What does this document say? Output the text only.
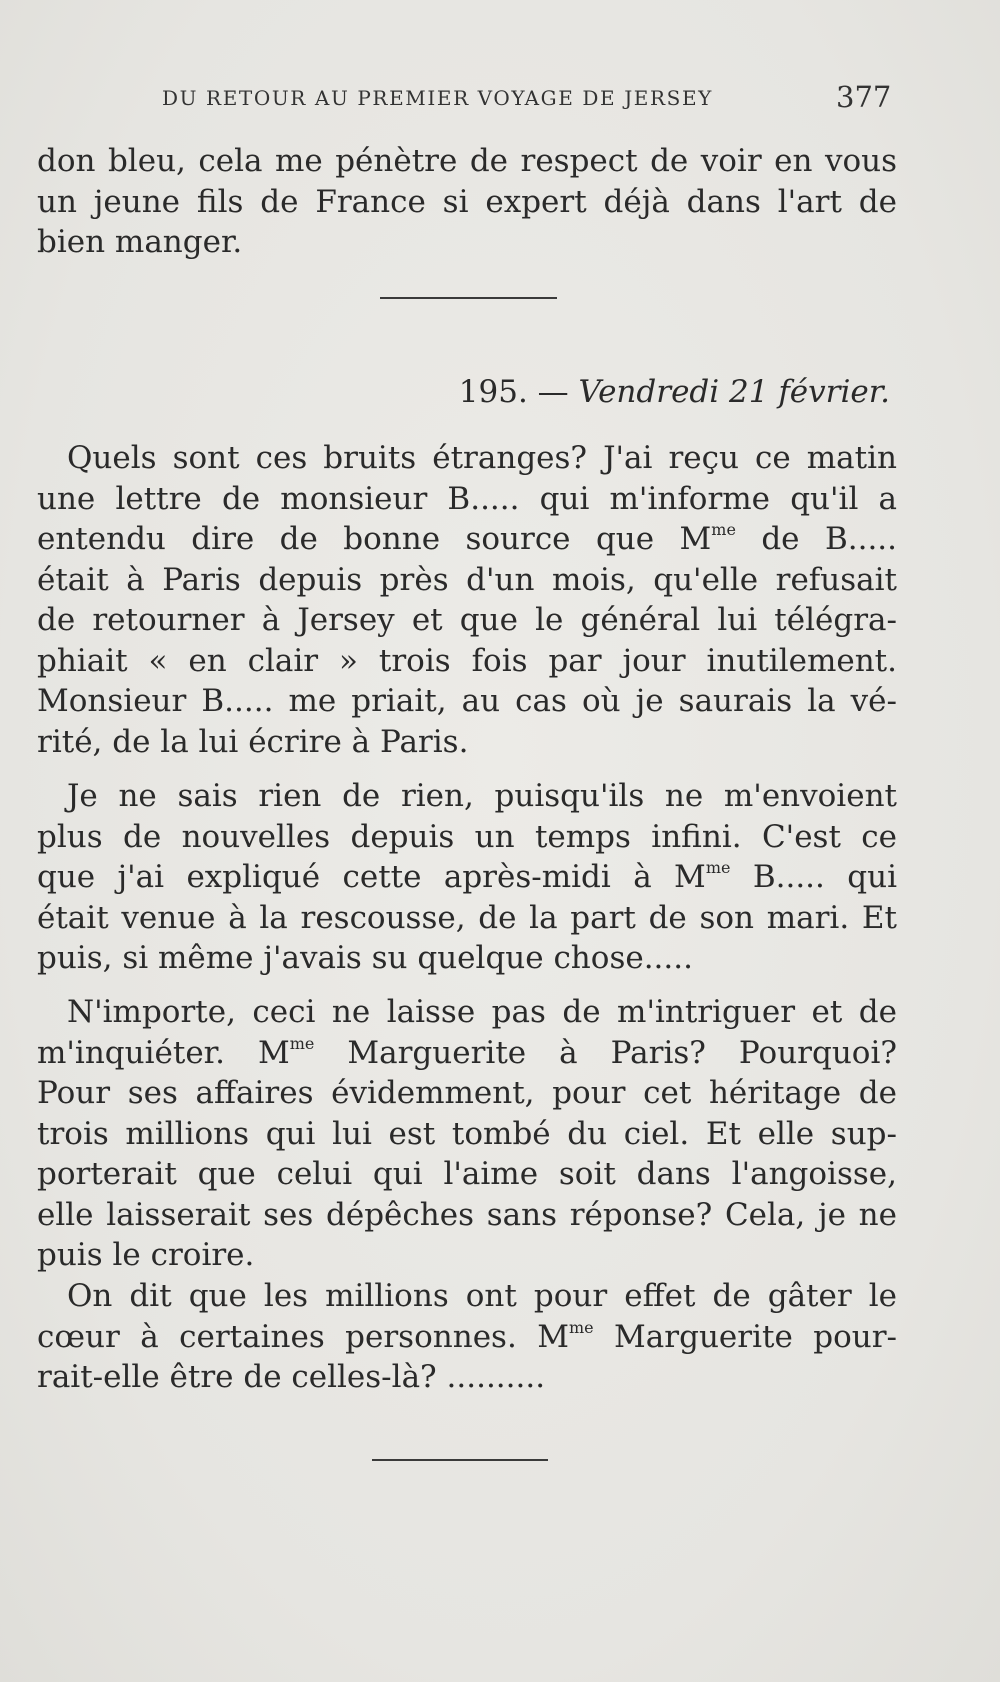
DU RETOUR AU PREMIER VOYAGE DE JERSEY	377
don bleu, cela me pénètre de respect de voir en vous
un jeune fils de France si expert déjà dans l'art de
bien manger.
195. — Vendredi 21 février.
Quels sont ces bruits étranges? J'ai reçu ce matin
une lettre de monsieur B..... qui m'informe qu'il a
entendu dire de bonne source que $M^{me}$ de B.....
était à Paris depuis près d'un mois, qu'elle refusait
de retourner à Jersey et que le général lui télégra-
phiait « en clair » trois fois par jour inutilement.
Monsieur B..... me priait, au cas où je saurais la vé-
rité, de la lui écrire à Paris.
Je ne sais rien de rien, puisqu'ils ne m'envoient
plus de nouvelles depuis un temps infini. C'est ce
que j'ai expliqué cette après-midi à $M^{me}$ B..... qui
était venue à la rescousse, de la part de son mari. Et
puis, si même j'avais su quelque chose.....
N'importe, ceci ne laisse pas de m'intriguer et de
m'inquiéter. $M^{me}$ Marguerite à Paris? Pourquoi?
Pour ses affaires évidemment, pour cet héritage de
trois millions qui lui est tombé du ciel. Et elle sup-
porterait que celui qui l'aime soit dans l'angoisse,
elle laisserait ses dépêches sans réponse? Cela, je ne
puis le croire.
On dit que les millions ont pour effet de gâter le
cœur à certaines personnes. $M^{me}$ Marguerite pour-
rait-elle être de celles-là? ..........
